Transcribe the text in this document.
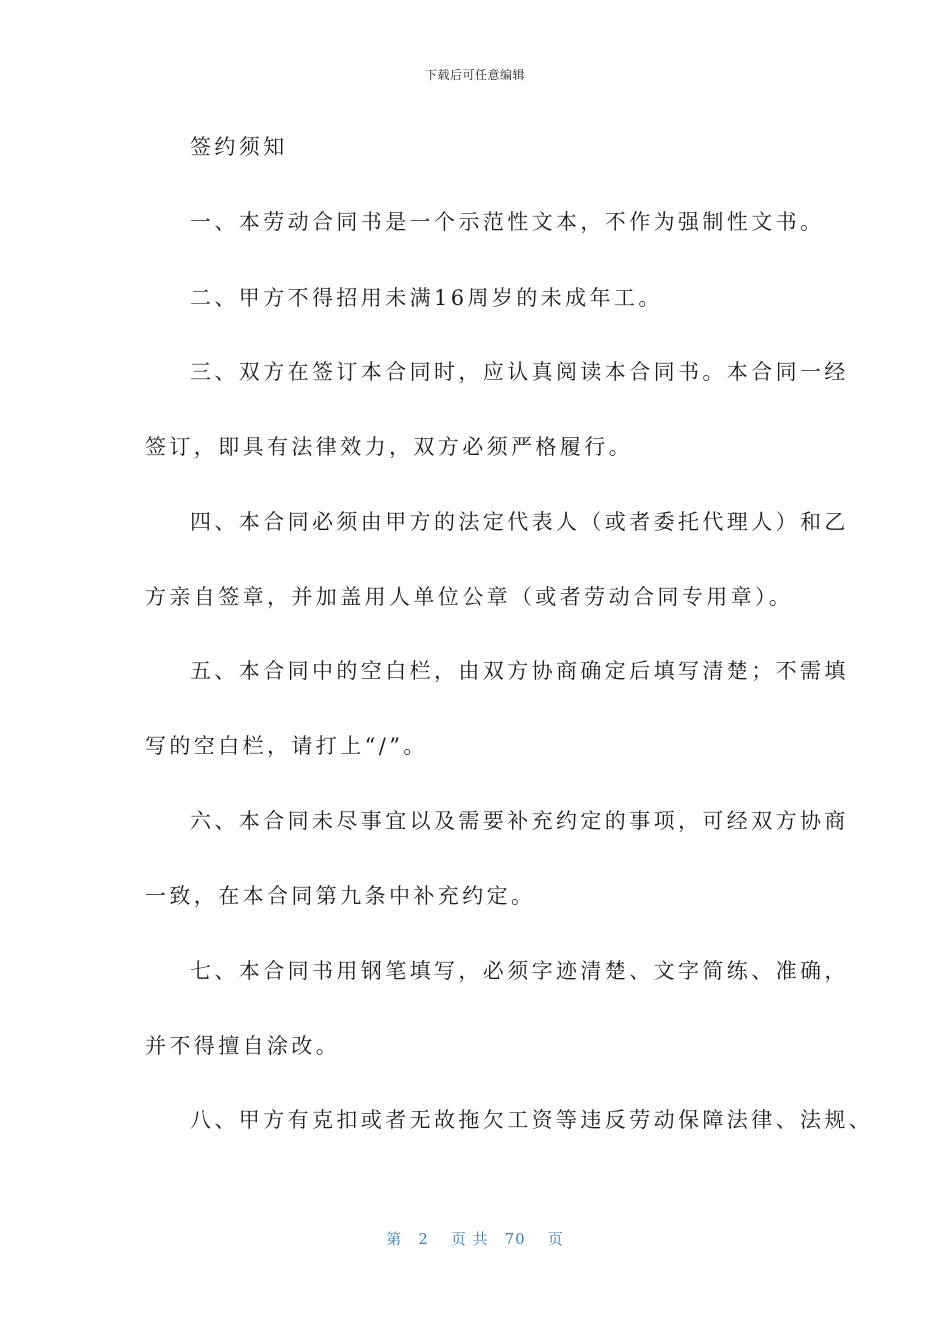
下载后可任意编辑
签约须知
一、本劳动合同书是一个示范性文本，不作为强制性文书。
二、甲方不得招用未满16周岁的未成年工。
三、双方在签订本合同时，应认真阅读本合同书。本合同一经
签订，即具有法律效力，双方必须严格履行。
四、本合同必须由甲方的法定代表人（或者委托代理人）和乙
方亲自签章，并加盖用人单位公章（或者劳动合同专用章）。
五、本合同中的空白栏，由双方协商确定后填写清楚；不需填
写的空白栏，请打上“/”。
六、本合同未尽事宜以及需要补充约定的事项，可经双方协商
一致，在本合同第九条中补充约定。
七、本合同书用钢笔填写，必须字迹清楚、文字简练、准确，
并不得擅自涂改。
八、甲方有克扣或者无故拖欠工资等违反劳动保障法律、法规、
第 2 页 共 70 页
